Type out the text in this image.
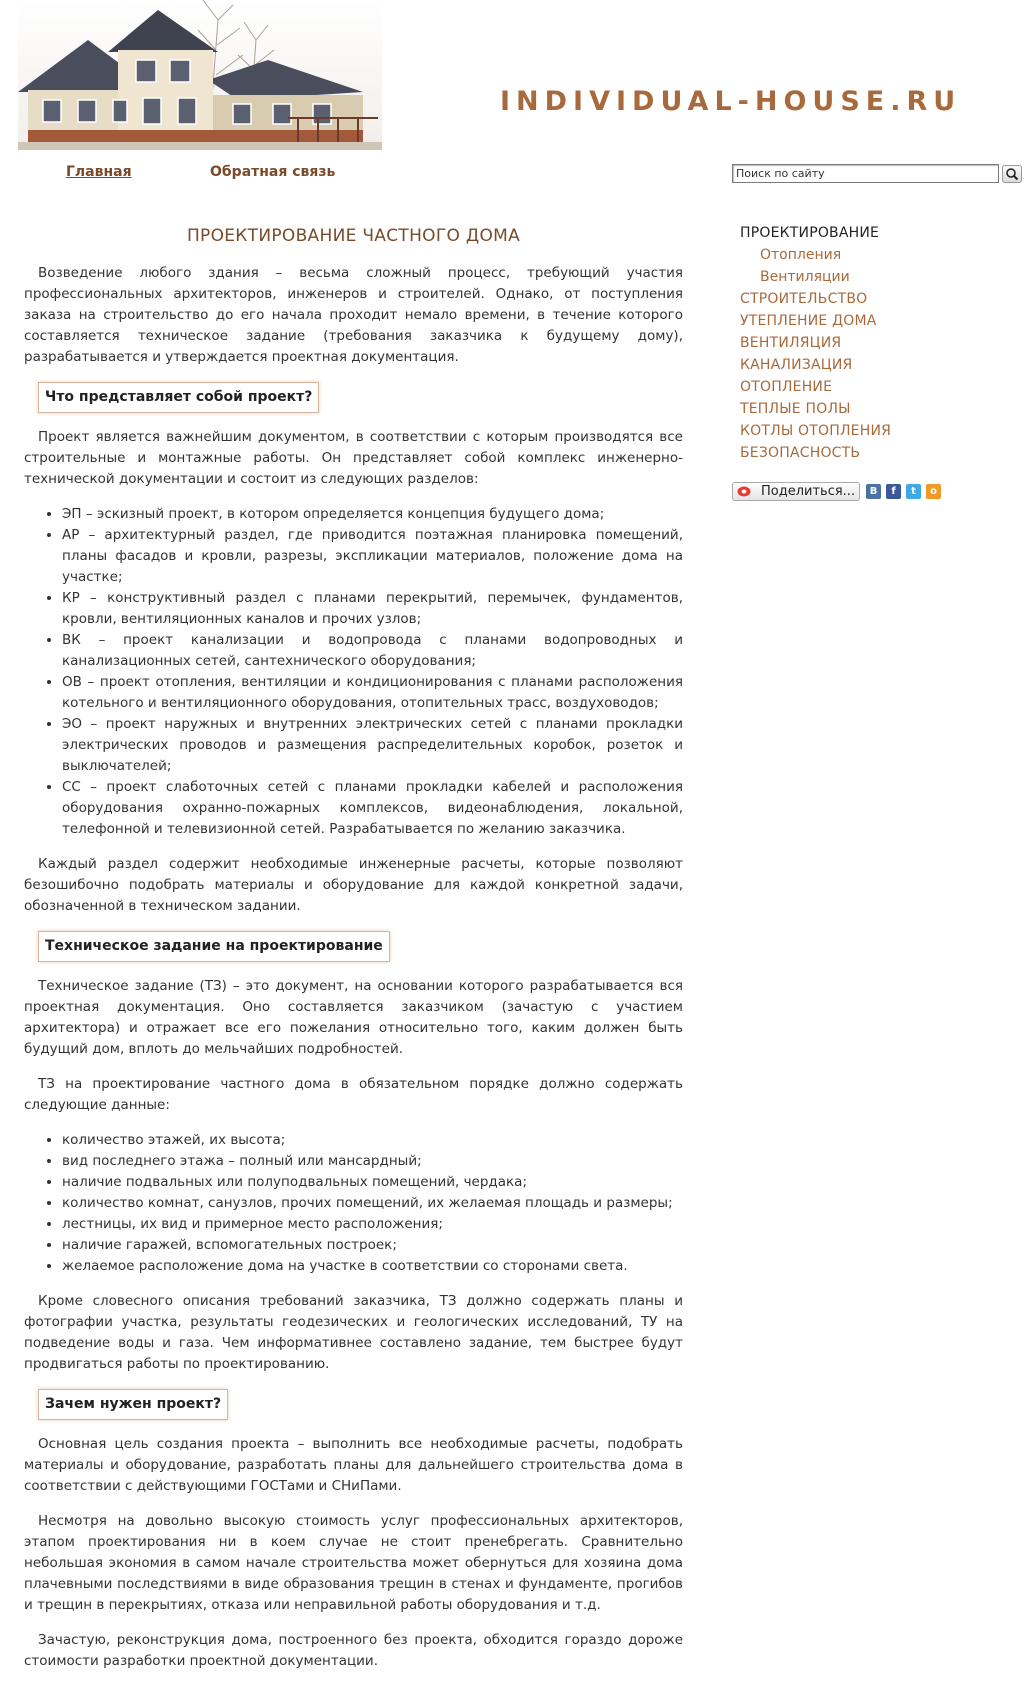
INDIVIDUAL-HOUSE.RU
Главная	Обратная связь	Поиск по сайту
ПРОЕКТИРОВАНИЕ ЧАСТНОГО ДОМА

Возведение любого здания – весьма сложный процесс, требующий участия профессиональных архитекторов, инженеров и строителей. Однако, от поступления заказа на строительство до его начала проходит немало времени, в течение которого составляется техническое задание (требования заказчика к будущему дому), разрабатывается и утверждается проектная документация.

Что представляет собой проект?

Проект является важнейшим документом, в соответствии с которым производятся все строительные и монтажные работы. Он представляет собой комплекс инженерно-технической документации и состоит из следующих разделов:

• ЭП – эскизный проект, в котором определяется концепция будущего дома;
• АР – архитектурный раздел, где приводится поэтажная планировка помещений, планы фасадов и кровли, разрезы, экспликации материалов, положение дома на участке;
• КР – конструктивный раздел с планами перекрытий, перемычек, фундаментов, кровли, вентиляционных каналов и прочих узлов;
• ВК – проект канализации и водопровода с планами водопроводных и канализационных сетей, сантехнического оборудования;
• ОВ – проект отопления, вентиляции и кондиционирования с планами расположения котельного и вентиляционного оборудования, отопительных трасс, воздуховодов;
• ЭО – проект наружных и внутренних электрических сетей с планами прокладки электрических проводов и размещения распределительных коробок, розеток и выключателей;
• СС – проект слаботочных сетей с планами прокладки кабелей и расположения оборудования охранно-пожарных комплексов, видеонаблюдения, локальной, телефонной и телевизионной сетей. Разрабатывается по желанию заказчика.

Каждый раздел содержит необходимые инженерные расчеты, которые позволяют безошибочно подобрать материалы и оборудование для каждой конкретной задачи, обозначенной в техническом задании.

Техническое задание на проектирование

Техническое задание (ТЗ) – это документ, на основании которого разрабатывается вся проектная документация. Оно составляется заказчиком (зачастую с участием архитектора) и отражает все его пожелания относительно того, каким должен быть будущий дом, вплоть до мельчайших подробностей.

ТЗ на проектирование частного дома в обязательном порядке должно содержать следующие данные:

• количество этажей, их высота;
• вид последнего этажа – полный или мансардный;
• наличие подвальных или полуподвальных помещений, чердака;
• количество комнат, санузлов, прочих помещений, их желаемая площадь и размеры;
• лестницы, их вид и примерное место расположения;
• наличие гаражей, вспомогательных построек;
• желаемое расположение дома на участке в соответствии со сторонами света.

Кроме словесного описания требований заказчика, ТЗ должно содержать планы и фотографии участка, результаты геодезических и геологических исследований, ТУ на подведение воды и газа. Чем информативнее составлено задание, тем быстрее будут продвигаться работы по проектированию.

Зачем нужен проект?

Основная цель создания проекта – выполнить все необходимые расчеты, подобрать материалы и оборудование, разработать планы для дальнейшего строительства дома в соответствии с действующими ГОСТами и СНиПами.

Несмотря на довольно высокую стоимость услуг профессиональных архитекторов, этапом проектирования ни в коем случае не стоит пренебрегать. Сравнительно небольшая экономия в самом начале строительства может обернуться для хозяина дома плачевными последствиями в виде образования трещин в стенах и фундаменте, прогибов и трещин в перекрытиях, отказа или неправильной работы оборудования и т.д.

Зачастую, реконструкция дома, построенного без проекта, обходится гораздо дороже стоимости разработки проектной документации.

ПРОЕКТИРОВАНИЕ
Отопления
Вентиляции
СТРОИТЕЛЬСТВО
УТЕПЛЕНИЕ ДОМА
ВЕНТИЛЯЦИЯ
КАНАЛИЗАЦИЯ
ОТОПЛЕНИЕ
ТЕПЛЫЕ ПОЛЫ
КОТЛЫ ОТОПЛЕНИЯ
БЕЗОПАСНОСТЬ
Поделиться...	B	f	t	o
